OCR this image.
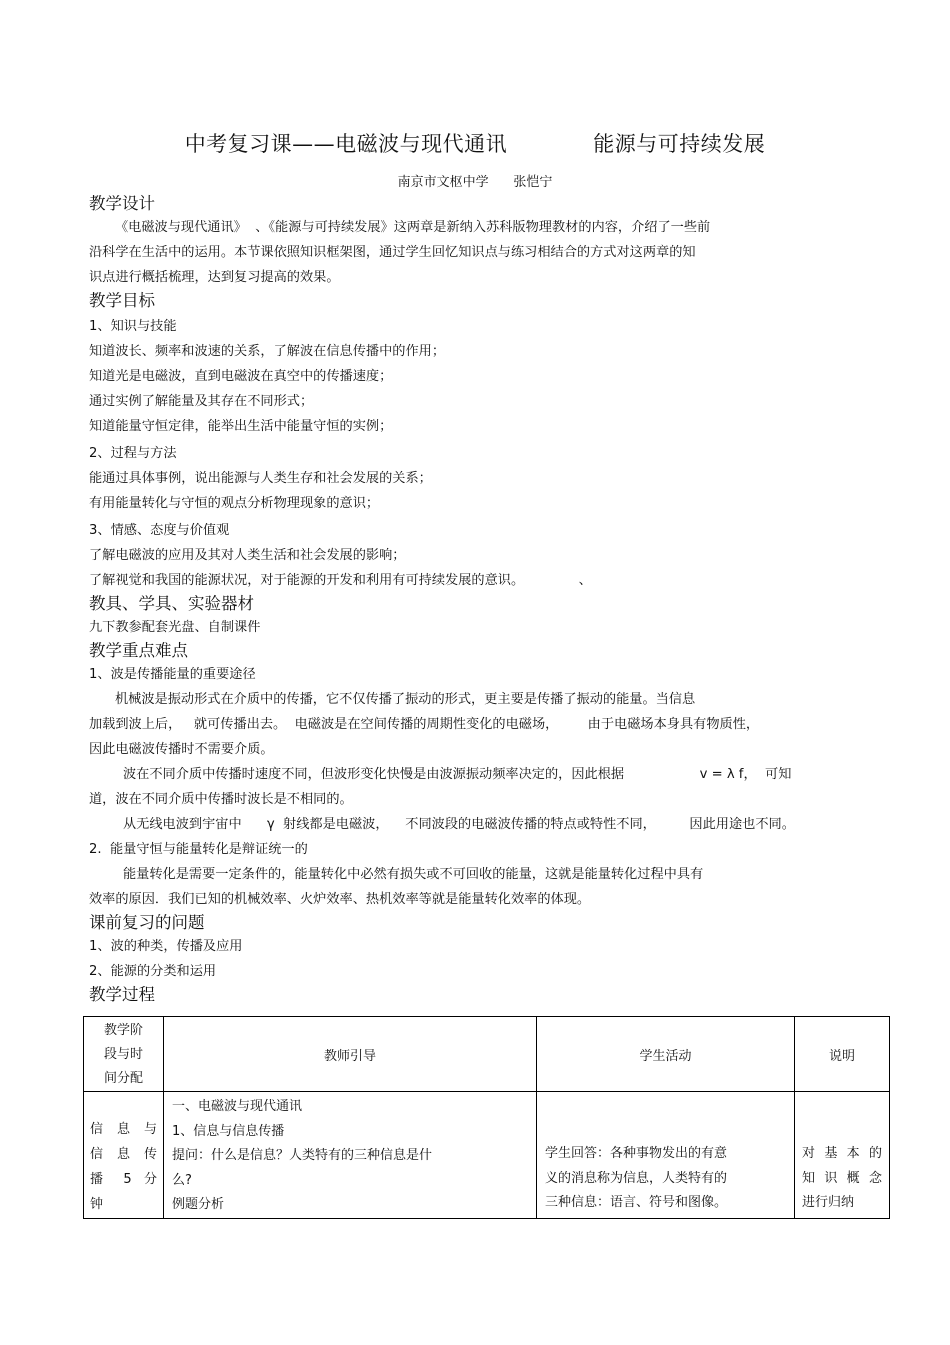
中考复习课——电磁波与现代通讯            能源与可持续发展
南京市文枢中学      张恺宁
教学设计
《电磁波与现代通讯》  、《能源与可持续发展》这两章是新纳入苏科版物理教材的内容，介绍了一些前
沿科学在生活中的运用。本节课依照知识框架图，通过学生回忆知识点与练习相结合的方式对这两章的知
识点进行概括梳理，达到复习提高的效果。
教学目标
1、知识与技能
知道波长、频率和波速的关系，了解波在信息传播中的作用；
知道光是电磁波，直到电磁波在真空中的传播速度；
通过实例了解能量及其存在不同形式；
知道能量守恒定律，能举出生活中能量守恒的实例；
2、过程与方法
能通过具体事例，说出能源与人类生存和社会发展的关系；
有用能量转化与守恒的观点分析物理现象的意识；
3、情感、态度与价值观
了解电磁波的应用及其对人类生活和社会发展的影响；
了解视觉和我国的能源状况，对于能源的开发和利用有可持续发展的意识。             、
教具、学具、实验器材
九下教参配套光盘、自制课件
教学重点难点
1、波是传播能量的重要途径
机械波是振动形式在介质中的传播，它不仅传播了振动的形式，更主要是传播了振动的能量。当信息
加载到波上后，   就可传播出去。  电磁波是在空间传播的周期性变化的电磁场，       由于电磁场本身具有物质性，
因此电磁波传播时不需要介质。
波在不同介质中传播时速度不同，但波形变化快慢是由波源振动频率决定的，因此根据                  v = λ f，  可知
道，波在不同介质中传播时波长是不相同的。
从无线电波到宇宙中      γ  射线都是电磁波，    不同波段的电磁波传播的特点或特性不同，        因此用途也不同。
2.  能量守恒与能量转化是辩证统一的
能量转化是需要一定条件的，能量转化中必然有损失或不可回收的能量，这就是能量转化过程中具有
效率的原因．我们已知的机械效率、火炉效率、热机效率等就是能量转化效率的体现。
课前复习的问题
1、波的种类，传播及应用
2、能源的分类和运用
教学过程
教学阶
段与时
间分配	教师引导	学生活动	说明

信 息 与
信 息 传
播 5 分
钟	一、电磁波与现代通讯
1、信息与信息传播
提问：什么是信息？人类特有的三种信息是什
么?
例题分析	学生回答：各种事物发出的有意
义的消息称为信息，人类特有的
三种信息：语言、符号和图像。	对 基 本 的
知 识 概 念
进行归纳
